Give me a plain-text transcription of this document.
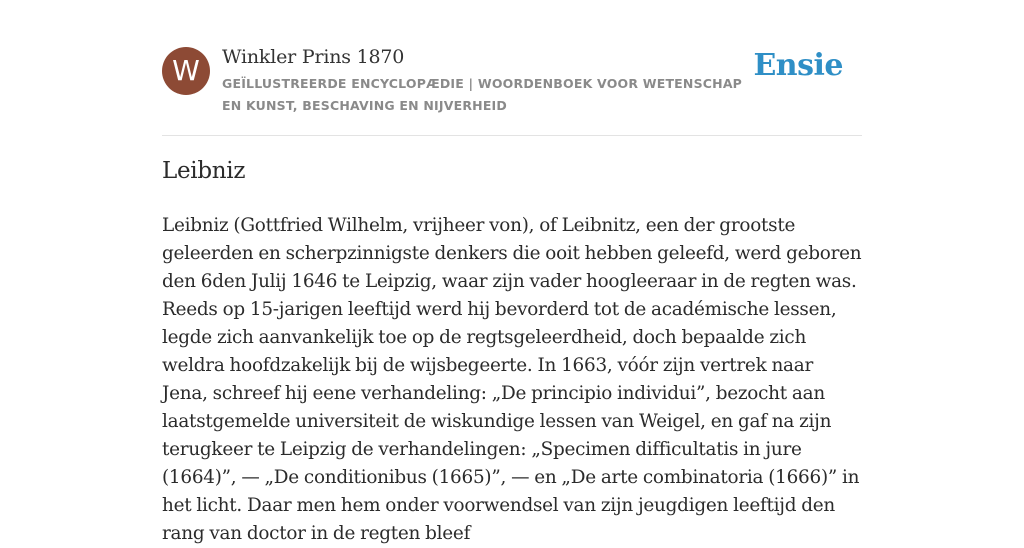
W	Winkler Prins 1870
GEÏLLUSTREERDE ENCYCLOPÆDIE | WOORDENBOEK VOOR WETENSCHAP EN KUNST, BESCHAVING EN NIJVERHEID
Ensie
Leibniz

Leibniz (Gottfried Wilhelm, vrijheer von), of Leibnitz, een der grootste geleerden en scherpzinnigste denkers die ooit hebben geleefd, werd geboren den 6den Julij 1646 te Leipzig, waar zijn vader hoogleeraar in de regten was. Reeds op 15-jarigen leeftijd werd hij bevorderd tot de académische lessen, legde zich aanvankelijk toe op de regtsgeleerdheid, doch bepaalde zich weldra hoofdzakelijk bij de wijsbegeerte. In 1663, vóór zijn vertrek naar Jena, schreef hij eene verhandeling: „De principio individui”, bezocht aan laatstgemelde universiteit de wiskundige lessen van Weigel, en gaf na zijn terugkeer te Leipzig de verhandelingen: „Specimen difficultatis in jure (1664)”, — „De conditionibus (1665)”, — en „De arte combinatoria (1666)” in het licht. Daar men hem onder voorwendsel van zijn jeugdigen leeftijd den rang van doctor in de regten bleef
